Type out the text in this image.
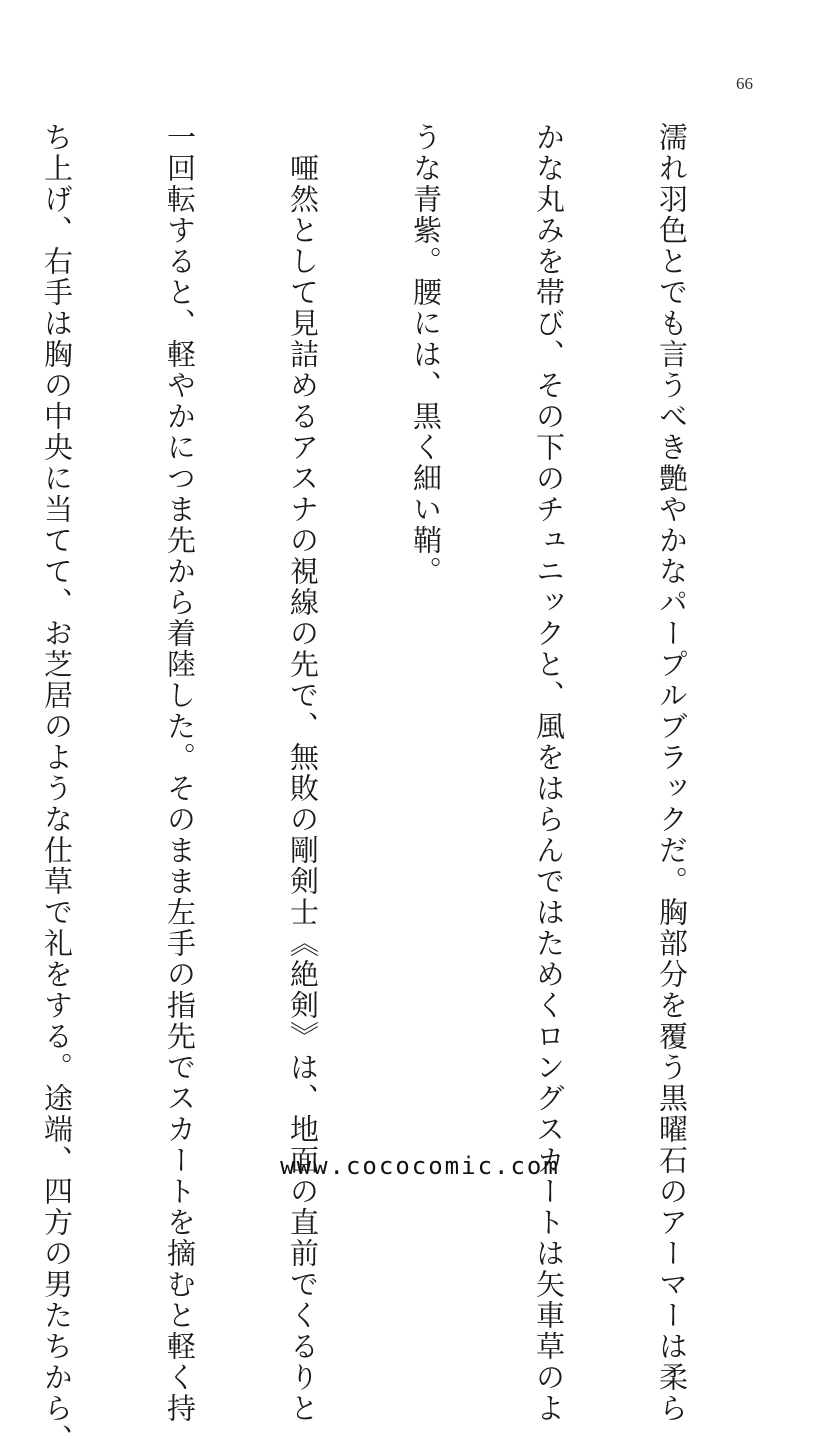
66

濡れ羽色とでも言うべき艶やかなパープルブラックだ。胸部分を覆う黒曜石のアーマーは柔ら

かな丸みを帯び、その下のチュニックと、風をはらんではためくロングスカートは矢車草のよ

うな青紫。腰には、黒く細い鞘。

　唖然として見詰めるアスナの視線の先で、無敗の剛剣士《絶剣》は、地面の直前でくるりと

一回転すると、軽やかにつま先から着陸した。そのまま左手の指先でスカートを摘むと軽く持

ち上げ、右手は胸の中央に当てて、お芝居のような仕草で礼をする。途端、四方の男たちから、

	www.cococomic.com
